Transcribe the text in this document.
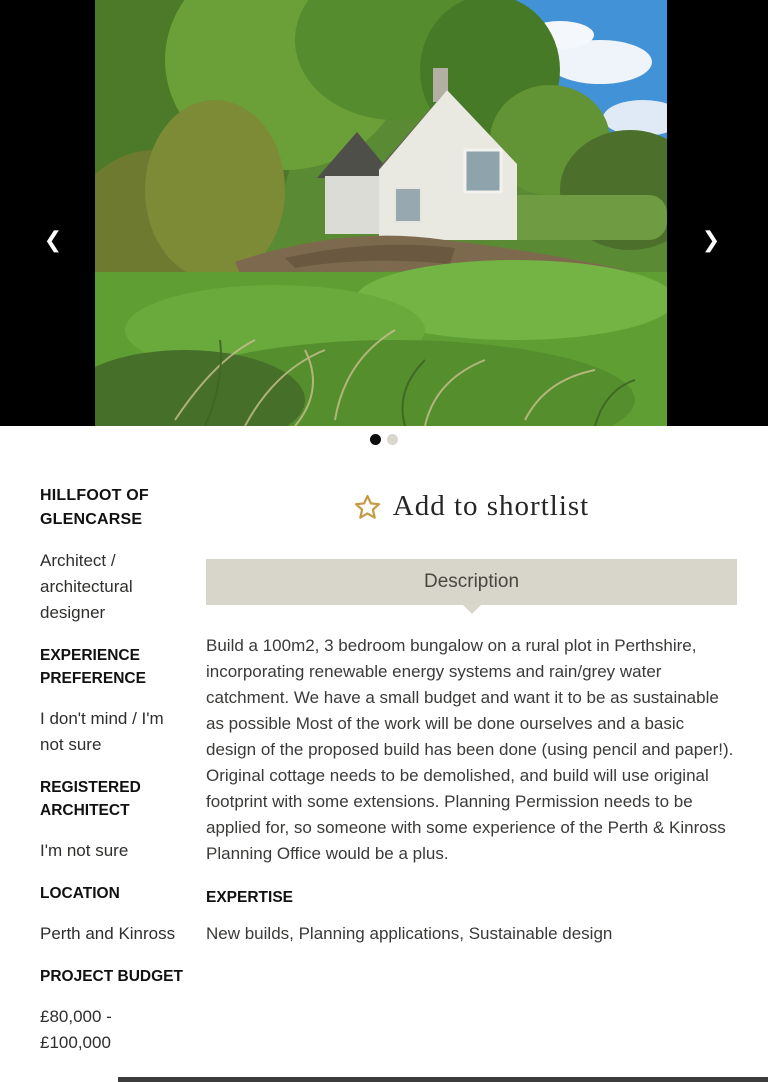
❮	❯
HILLFOOT OF GLENCARSE
Architect / architectural designer
EXPERIENCE PREFERENCE
I don't mind / I'm not sure
REGISTERED ARCHITECT
I'm not sure
LOCATION
Perth and Kinross
PROJECT BUDGET
£80,000 - £100,000
Add to shortlist
Description

Build a 100m2, 3 bedroom bungalow on a rural plot in Perthshire, incorporating renewable energy systems and rain/grey water catchment. We have a small budget and want it to be as sustainable as possible Most of the work will be done ourselves and a basic design of the proposed build has been done (using pencil and paper!). Original cottage needs to be demolished, and build will use original footprint with some extensions. Planning Permission needs to be applied for, so someone with some experience of the Perth & Kinross Planning Office would be a plus.

EXPERTISE
New builds, Planning applications, Sustainable design
